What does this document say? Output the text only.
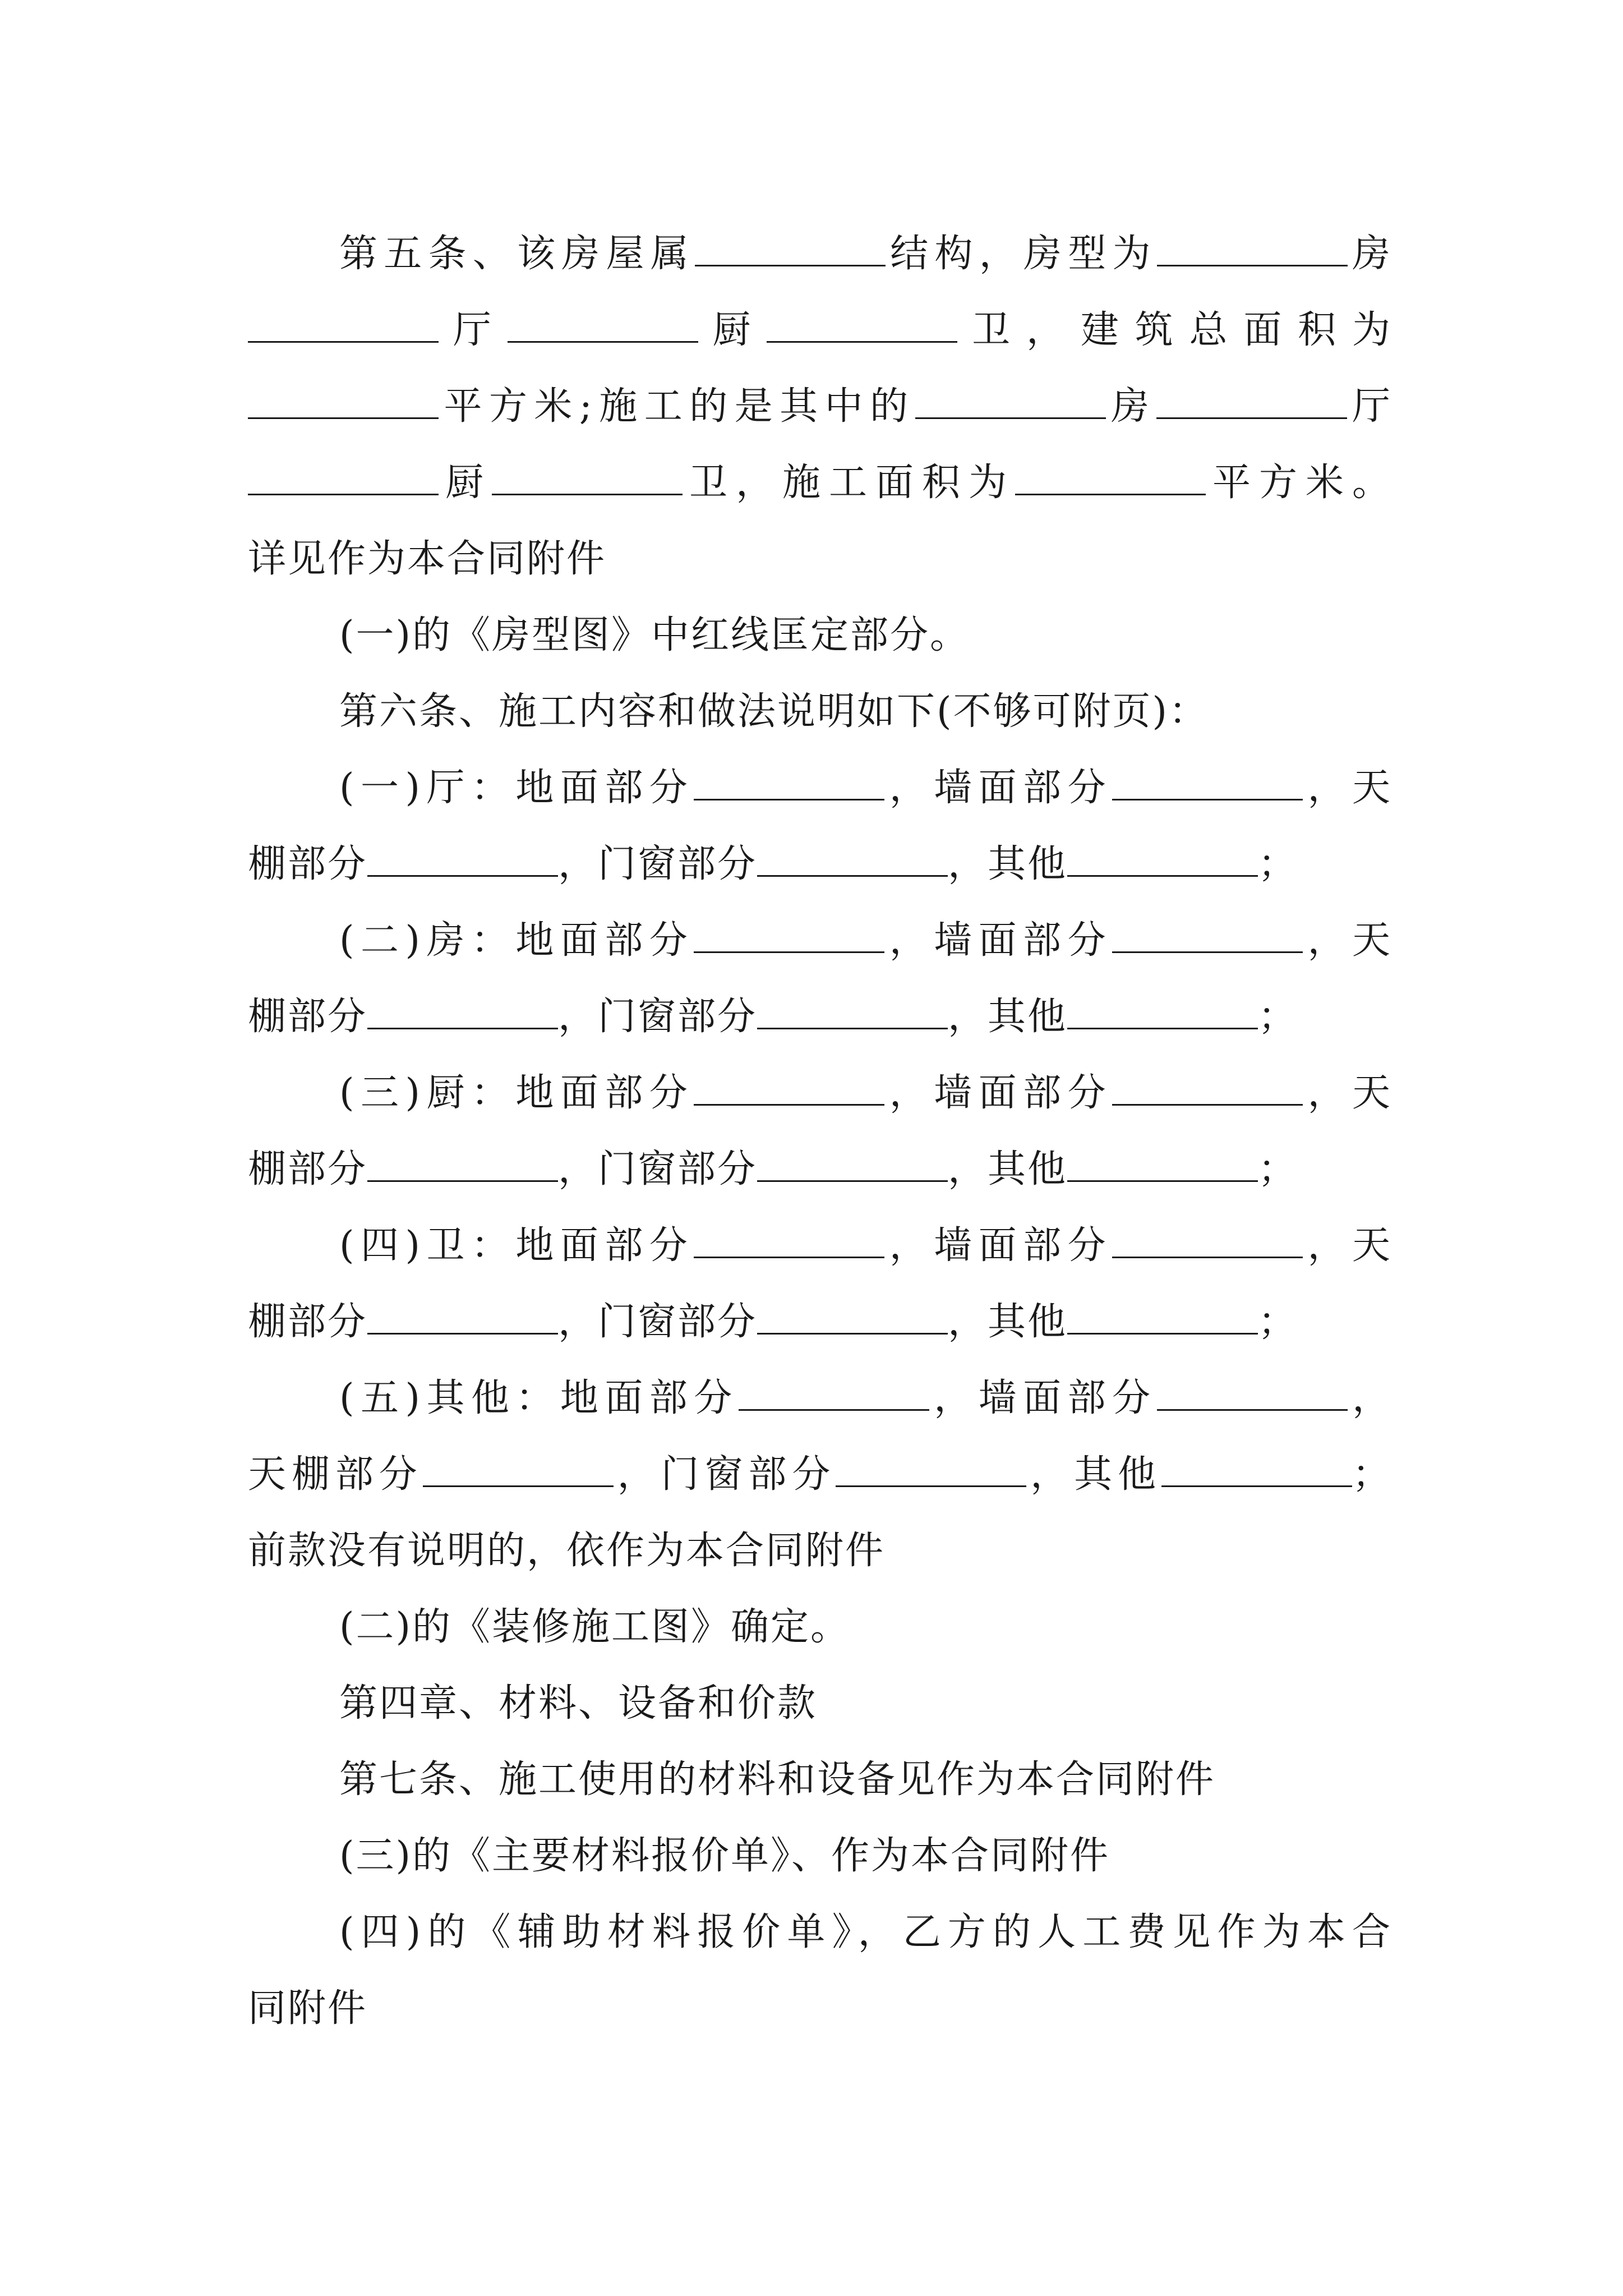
第五条、该房屋属	结构，房型为	房
厅	厨	卫，建筑总面积为
平方米;施工的是其中的	房	厅
厨	卫，施工面积为	平方米。
详见作为本合同附件
(一)的《房型图》中红线匡定部分。
第六条、施工内容和做法说明如下(不够可附页)：
(一)厅：地面部分	，墙面部分	，天
棚部分	，门窗部分	，其他	；
(二)房：地面部分	，墙面部分	，天
棚部分	，门窗部分	，其他	；
(三)厨：地面部分	，墙面部分	，天
棚部分	，门窗部分	，其他	；
(四)卫：地面部分	，墙面部分	，天
棚部分	，门窗部分	，其他	；
(五)其他：地面部分	，墙面部分	，
天棚部分	，门窗部分	，其他	；
前款没有说明的，依作为本合同附件
(二)的《装修施工图》确定。
第四章、材料、设备和价款
第七条、施工使用的材料和设备见作为本合同附件
(三)的《主要材料报价单》、作为本合同附件
(四)的《辅助材料报价单》，乙方的人工费见作为本合
同附件
